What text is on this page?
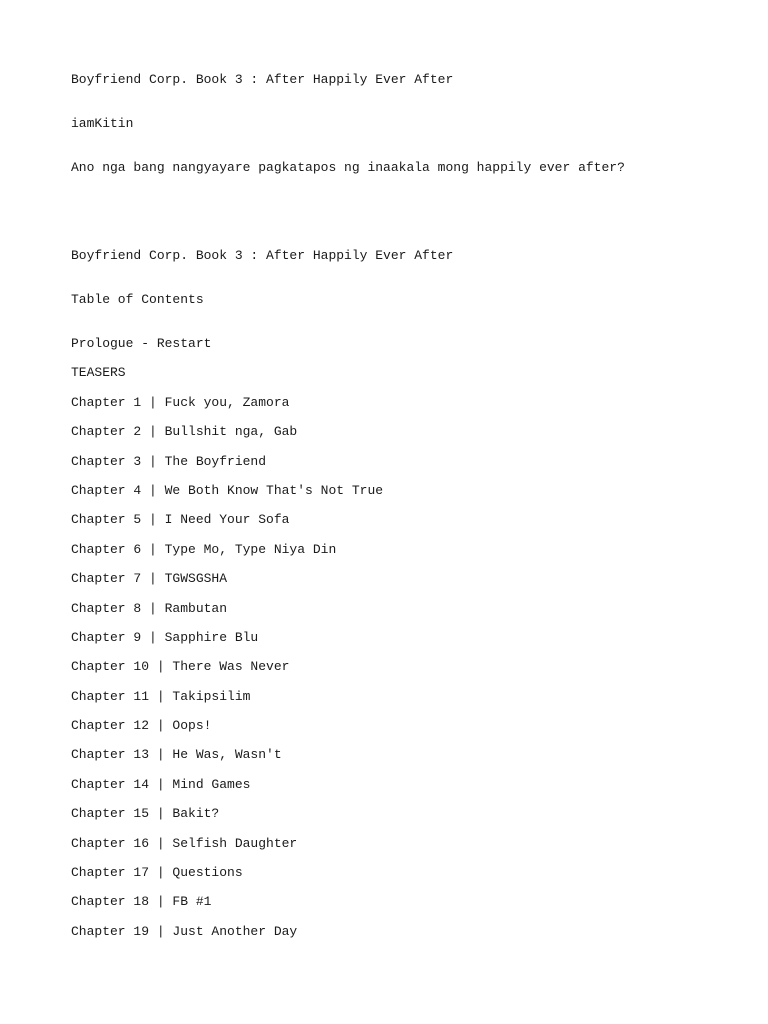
Boyfriend Corp. Book 3 : After Happily Ever After
iamKitin
Ano nga bang nangyayare pagkatapos ng inaakala mong happily ever after?
Boyfriend Corp. Book 3 : After Happily Ever After
Table of Contents
Prologue - Restart
TEASERS
Chapter 1 | Fuck you, Zamora
Chapter 2 | Bullshit nga, Gab
Chapter 3 | The Boyfriend
Chapter 4 | We Both Know That's Not True
Chapter 5 | I Need Your Sofa
Chapter 6 | Type Mo, Type Niya Din
Chapter 7 | TGWSGSHA
Chapter 8 | Rambutan
Chapter 9 | Sapphire Blu
Chapter 10 | There Was Never
Chapter 11 | Takipsilim
Chapter 12 | Oops!
Chapter 13 | He Was, Wasn't
Chapter 14 | Mind Games
Chapter 15 | Bakit?
Chapter 16 | Selfish Daughter
Chapter 17 | Questions
Chapter 18 | FB #1
Chapter 19 | Just Another Day
